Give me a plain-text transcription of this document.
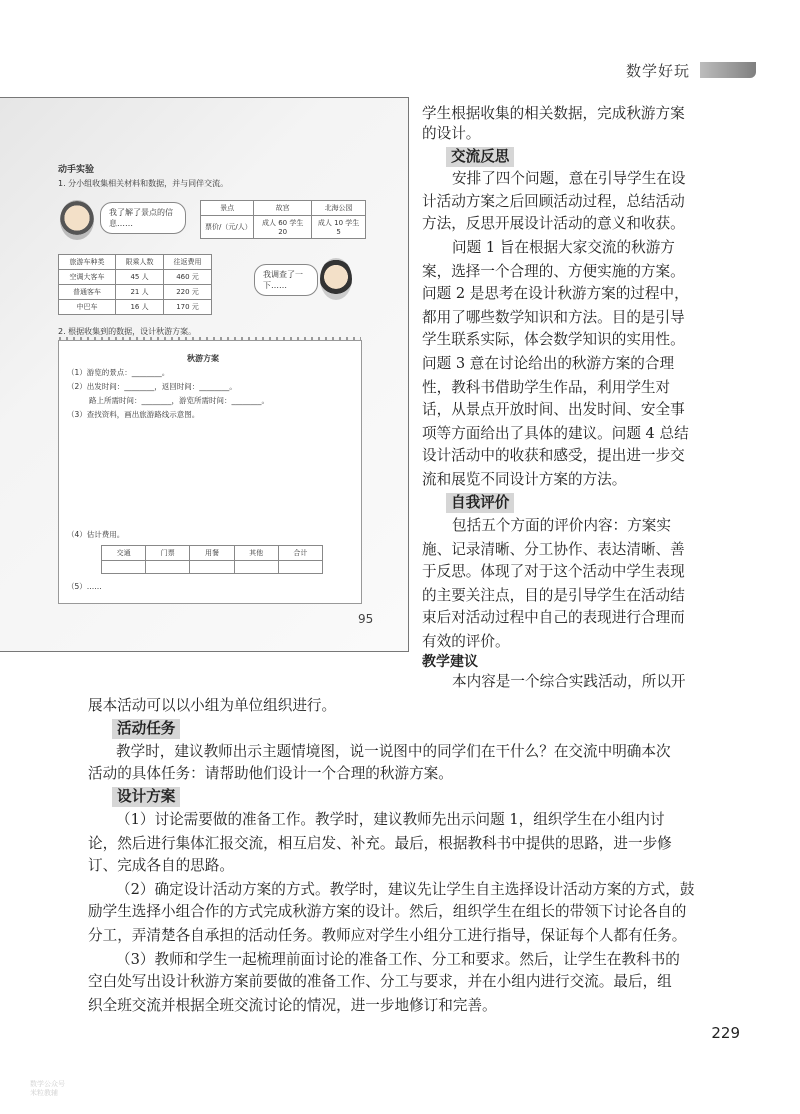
数学好玩
动手实验
1. 分小组收集相关材料和数据，并与同伴交流。
我了解了景点的信息……
景点	故宫	北海公园
票价/（元/人）	成人 60 学生 20	成人 10 学生 5
旅游车种类	限乘人数	往返费用
空调大客车	45 人	460 元
普通客车	21 人	220 元
中巴车	16 人	170 元
我调查了一下……
2. 根据收集到的数据，设计秋游方案。
秋游方案
（1）游览的景点：________。
（2）出发时间：________，返回时间：________。
路上所需时间：________，游览所需时间：________。
（3）查找资料，画出旅游路线示意图。
（4）估计费用。
交通	门票	用餐	其他	合计

（5）……
95
学生根据收集的相关数据，完成秋游方案
的设计。
交流反思
安排了四个问题，意在引导学生在设
计活动方案之后回顾活动过程，总结活动
方法，反思开展设计活动的意义和收获。
问题 1 旨在根据大家交流的秋游方
案，选择一个合理的、方便实施的方案。
问题 2 是思考在设计秋游方案的过程中，
都用了哪些数学知识和方法。目的是引导
学生联系实际，体会数学知识的实用性。
问题 3 意在讨论给出的秋游方案的合理
性，教科书借助学生作品，利用学生对
话，从景点开放时间、出发时间、安全事
项等方面给出了具体的建议。问题 4 总结
设计活动中的收获和感受，提出进一步交
流和展览不同设计方案的方法。
自我评价
包括五个方面的评价内容：方案实
施、记录清晰、分工协作、表达清晰、善
于反思。体现了对于这个活动中学生表现
的主要关注点，目的是引导学生在活动结
束后对活动过程中自己的表现进行合理而
有效的评价。
教学建议
本内容是一个综合实践活动，所以开
展本活动可以以小组为单位组织进行。
活动任务
教学时，建议教师出示主题情境图，说一说图中的同学们在干什么？在交流中明确本次
活动的具体任务：请帮助他们设计一个合理的秋游方案。
设计方案
（1）讨论需要做的准备工作。教学时，建议教师先出示问题 1，组织学生在小组内讨
论，然后进行集体汇报交流，相互启发、补充。最后，根据教科书中提供的思路，进一步修
订、完成各自的思路。
（2）确定设计活动方案的方式。教学时，建议先让学生自主选择设计活动方案的方式，鼓
励学生选择小组合作的方式完成秋游方案的设计。然后，组织学生在组长的带领下讨论各自的
分工，弄清楚各自承担的活动任务。教师应对学生小组分工进行指导，保证每个人都有任务。
（3）教师和学生一起梳理前面讨论的准备工作、分工和要求。然后，让学生在教科书的
空白处写出设计秋游方案前要做的准备工作、分工与要求，并在小组内进行交流。最后，组
织全班交流并根据全班交流讨论的情况，进一步地修订和完善。
229
数学公众号
米粒教辅
